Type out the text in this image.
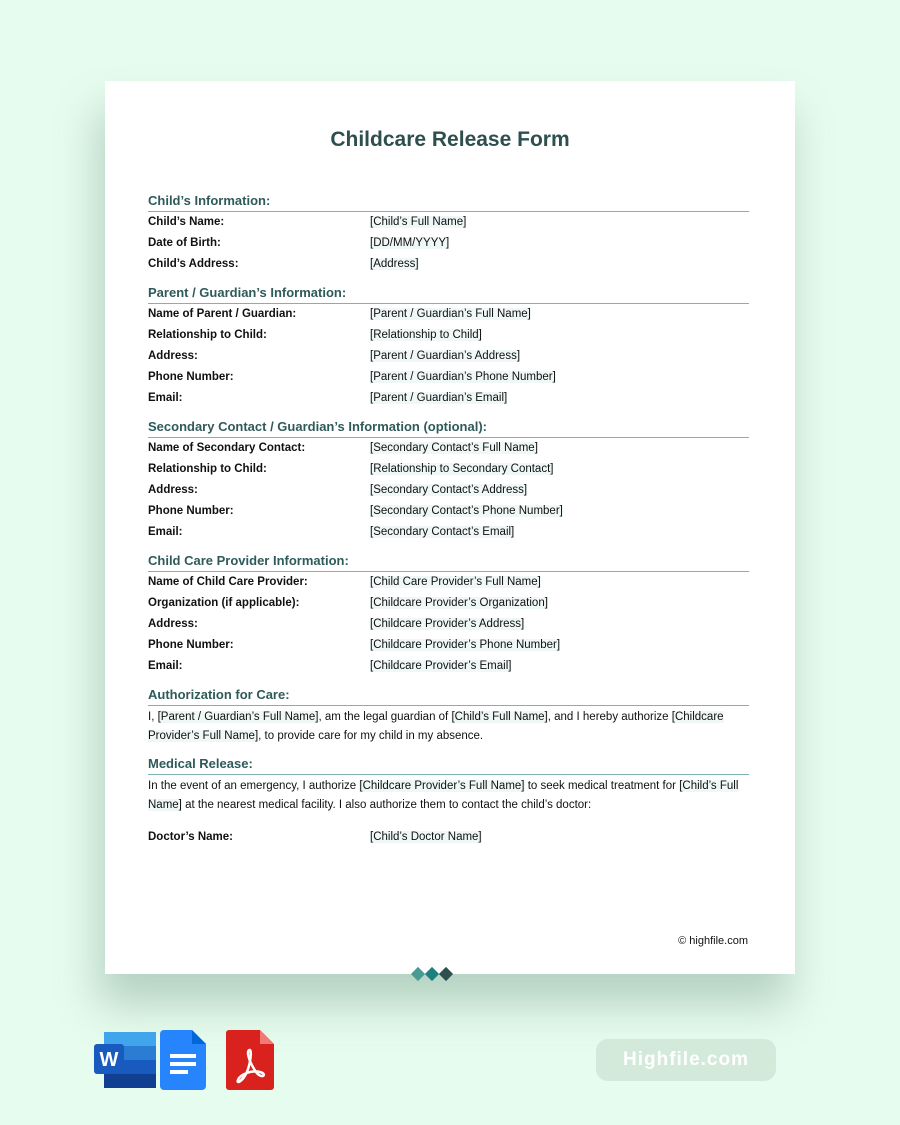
Childcare Release Form
Child’s Information:
Child’s Name:	[Child’s Full Name]
Date of Birth:	[DD/MM/YYYY]
Child’s Address:	[Address]
Parent / Guardian’s Information:
Name of Parent / Guardian:	[Parent / Guardian’s Full Name]
Relationship to Child:	[Relationship to Child]
Address:	[Parent / Guardian’s Address]
Phone Number:	[Parent / Guardian’s Phone Number]
Email:	[Parent / Guardian’s Email]
Secondary Contact / Guardian’s Information (optional):
Name of Secondary Contact:	[Secondary Contact’s Full Name]
Relationship to Child:	[Relationship to Secondary Contact]
Address:	[Secondary Contact’s Address]
Phone Number:	[Secondary Contact’s Phone Number]
Email:	[Secondary Contact’s Email]
Child Care Provider Information:
Name of Child Care Provider:	[Child Care Provider’s Full Name]
Organization (if applicable):	[Childcare Provider’s Organization]
Address:	[Childcare Provider’s Address]
Phone Number:	[Childcare Provider’s Phone Number]
Email:	[Childcare Provider’s Email]
Authorization for Care:

I, [Parent / Guardian’s Full Name], am the legal guardian of [Child’s Full Name], and I hereby authorize [Childcare Provider’s Full Name], to provide care for my child in my absence.

Medical Release:

In the event of an emergency, I authorize [Childcare Provider’s Full Name] to seek medical treatment for [Child’s Full Name] at the nearest medical facility. I also authorize them to contact the child’s doctor:

Doctor’s Name:	[Child’s Doctor Name]
© highfile.com
W	Highfile.com
